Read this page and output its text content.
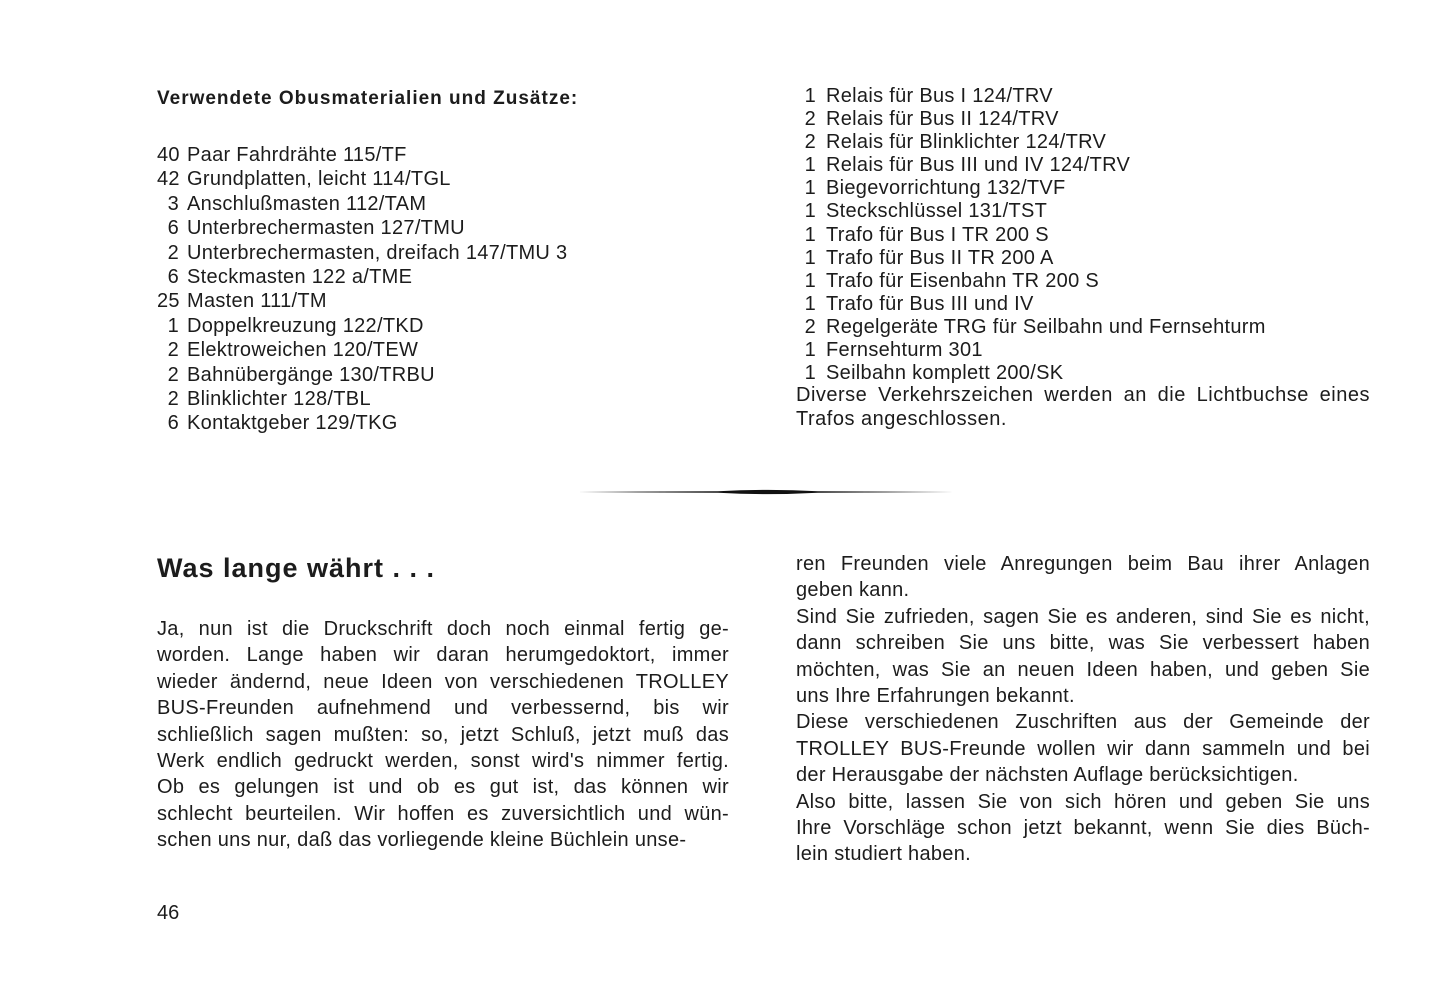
Verwendete Obusmaterialien und Zusätze:
40 Paar Fahrdrähte 115/TF
42 Grundplatten, leicht 114/TGL
3 Anschlußmasten 112/TAM
6 Unterbrechermasten 127/TMU
2 Unterbrechermasten, dreifach 147/TMU 3
6 Steckmasten 122 a/TME
25 Masten 111/TM
1 Doppelkreuzung 122/TKD
2 Elektroweichen 120/TEW
2 Bahnübergänge 130/TRBU
2 Blinklichter 128/TBL
6 Kontaktgeber 129/TKG
1 Relais für Bus I 124/TRV
2 Relais für Bus II 124/TRV
2 Relais für Blinklichter 124/TRV
1 Relais für Bus III und IV 124/TRV
1 Biegevorrichtung 132/TVF
1 Steckschlüssel 131/TST
1 Trafo für Bus I TR 200 S
1 Trafo für Bus II TR 200 A
1 Trafo für Eisenbahn TR 200 S
1 Trafo für Bus III und IV
2 Regelgeräte TRG für Seilbahn und Fernsehturm
1 Fernsehturm 301
1 Seilbahn komplett 200/SK

Diverse Verkehrszeichen werden an die Lichtbuchse eines
Trafos angeschlossen.

Was lange währt . . .
Ja, nun ist die Druckschrift doch noch einmal fertig ge-
worden. Lange haben wir daran herumgedoktort, immer
wieder ändernd, neue Ideen von verschiedenen TROLLEY
BUS-Freunden aufnehmend und verbessernd, bis wir
schließlich sagen mußten: so, jetzt Schluß, jetzt muß das
Werk endlich gedruckt werden, sonst wird's nimmer fertig.
Ob es gelungen ist und ob es gut ist, das können wir
schlecht beurteilen. Wir hoffen es zuversichtlich und wün-
schen uns nur, daß das vorliegende kleine Büchlein unse-
ren Freunden viele Anregungen beim Bau ihrer Anlagen
geben kann.
Sind Sie zufrieden, sagen Sie es anderen, sind Sie es nicht,
dann schreiben Sie uns bitte, was Sie verbessert haben
möchten, was Sie an neuen Ideen haben, und geben Sie
uns Ihre Erfahrungen bekannt.
Diese verschiedenen Zuschriften aus der Gemeinde der
TROLLEY BUS-Freunde wollen wir dann sammeln und bei
der Herausgabe der nächsten Auflage berücksichtigen.
Also bitte, lassen Sie von sich hören und geben Sie uns
Ihre Vorschläge schon jetzt bekannt, wenn Sie dies Büch-
lein studiert haben.
46
